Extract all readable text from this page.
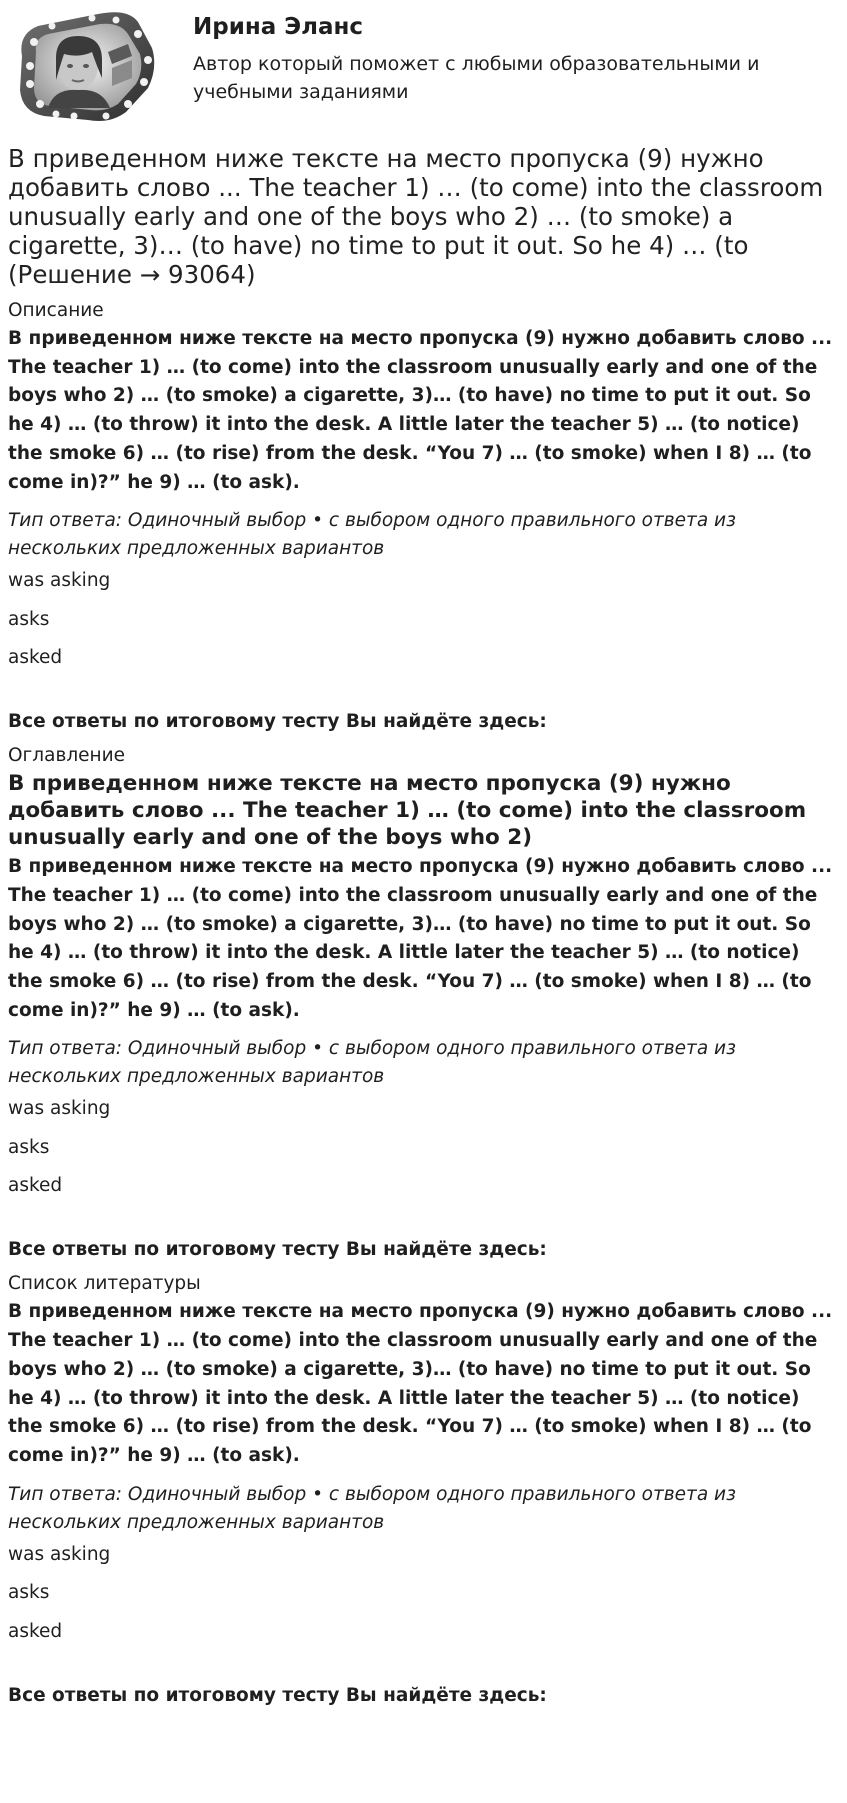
Ирина Эланс

Автор который поможет с любыми образовательными и учебными заданиями

В приведенном ниже тексте на место пропуска (9) нужно добавить слово ... The teacher 1) … (to come) into the classroom unusually early and one of the boys who 2) … (to smoke) a cigarette, 3)… (to have) no time to put it out. So he 4) … (to (Решение → 93064)

Описание

В приведенном ниже тексте на место пропуска (9) нужно добавить слово ... The teacher 1) … (to come) into the classroom unusually early and one of the boys who 2) … (to smoke) a cigarette, 3)… (to have) no time to put it out. So he 4) … (to throw) it into the desk. A little later the teacher 5) … (to notice) the smoke 6) … (to rise) from the desk. “You 7) … (to smoke) when I 8) … (to come in)?” he 9) … (to ask).

Тип ответа: Одиночный выбор • с выбором одного правильного ответа из нескольких предложенных вариантов

was asking
asks
asked

Все ответы по итоговому тесту Вы найдёте здесь:

Оглавление

В приведенном ниже тексте на место пропуска (9) нужно добавить слово ... The teacher 1) … (to come) into the classroom unusually early and one of the boys who 2)

В приведенном ниже тексте на место пропуска (9) нужно добавить слово ... The teacher 1) … (to come) into the classroom unusually early and one of the boys who 2) … (to smoke) a cigarette, 3)… (to have) no time to put it out. So he 4) … (to throw) it into the desk. A little later the teacher 5) … (to notice) the smoke 6) … (to rise) from the desk. “You 7) … (to smoke) when I 8) … (to come in)?” he 9) … (to ask).

Тип ответа: Одиночный выбор • с выбором одного правильного ответа из нескольких предложенных вариантов

was asking
asks
asked

Все ответы по итоговому тесту Вы найдёте здесь:

Список литературы

В приведенном ниже тексте на место пропуска (9) нужно добавить слово ... The teacher 1) … (to come) into the classroom unusually early and one of the boys who 2) … (to smoke) a cigarette, 3)… (to have) no time to put it out. So he 4) … (to throw) it into the desk. A little later the teacher 5) … (to notice) the smoke 6) … (to rise) from the desk. “You 7) … (to smoke) when I 8) … (to come in)?” he 9) … (to ask).

Тип ответа: Одиночный выбор • с выбором одного правильного ответа из нескольких предложенных вариантов

was asking
asks
asked

Все ответы по итоговому тесту Вы найдёте здесь:
